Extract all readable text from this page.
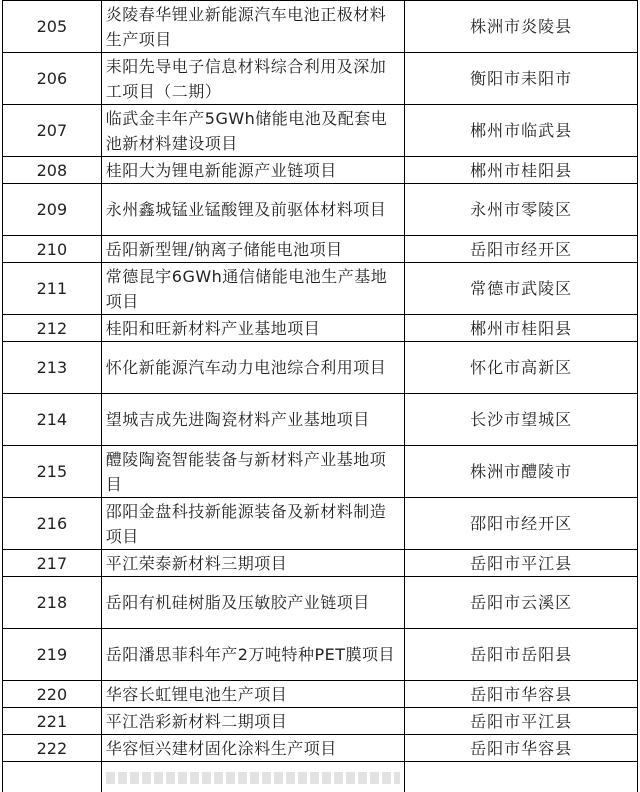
205	炎陵春华锂业新能源汽车电池正极材料生产项目	株洲市炎陵县
206	耒阳先导电子信息材料综合利用及深加工项目（二期）	衡阳市耒阳市
207	临武金丰年产5GWh储能电池及配套电池新材料建设项目	郴州市临武县
208	桂阳大为锂电新能源产业链项目	郴州市桂阳县
209	永州鑫城锰业锰酸锂及前驱体材料项目	永州市零陵区
210	岳阳新型锂/钠离子储能电池项目	岳阳市经开区
211	常德昆宇6GWh通信储能电池生产基地项目	常德市武陵区
212	桂阳和旺新材料产业基地项目	郴州市桂阳县
213	怀化新能源汽车动力电池综合利用项目	怀化市高新区
214	望城吉成先进陶瓷材料产业基地项目	长沙市望城区
215	醴陵陶瓷智能装备与新材料产业基地项目	株洲市醴陵市
216	邵阳金盘科技新能源装备及新材料制造项目	邵阳市经开区
217	平江荣泰新材料三期项目	岳阳市平江县
218	岳阳有机硅树脂及压敏胶产业链项目	岳阳市云溪区
219	岳阳潘思菲科年产2万吨特种PET膜项目	岳阳市岳阳县
220	华容长虹锂电池生产项目	岳阳市华容县
221	平江浩彩新材料二期项目	岳阳市平江县
222	华容恒兴建材固化涂料生产项目	岳阳市华容县
